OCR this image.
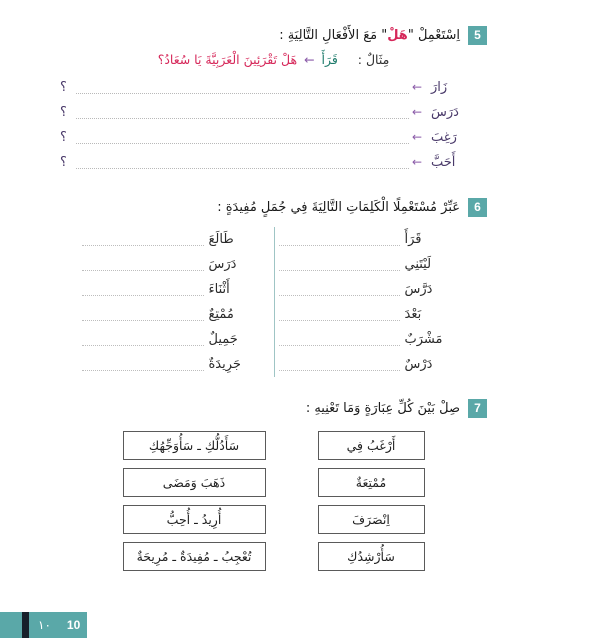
5
اِسْتَعْمِلْ "هَلْ" مَعَ الأَفْعَالِ التَّالِيَةِ :
مِثَالٌ :     قَرَأَ ← هَلْ تَقْرَئِينَ الْعَرَبِيَّةَ يَا سُعَادُ؟
زَارَ
←
؟
دَرَسَ
←
؟
رَغِبَ
←
؟
أَحَبَّ
←
؟
6
عَبِّرْ مُسْتَعْمِلًا الْكَلِمَاتِ التَّالِيَةَ فِي جُمَلٍ مُفِيدَةٍ :
قَرَأَ
لَيْتَنِي
دَرَّسَ
بَعْدَ
مَشْرَبٌ
دَرْسٌ
طَالَعَ
دَرَسَ
أَثْنَاءَ
مُمْتِعٌ
جَمِيلٌ
جَرِيدَةٌ
7
صِلْ بَيْنَ كُلِّ عِبَارَةٍ وَمَا تَعْنِيهِ :
أَرْغَبُ فِي
مُمْتِعَةٌ
اِنْصَرَفَ
سَأُرْشِدُكِ
سَأَدُلُّكِ ـ سَأُوَجِّهُكِ
ذَهَبَ وَمَضَى
أُرِيدُ ـ أُحِبُّ
تُعْجِبُ ـ مُفِيدَةٌ ـ مُرِيحَةٌ
١٠	10
